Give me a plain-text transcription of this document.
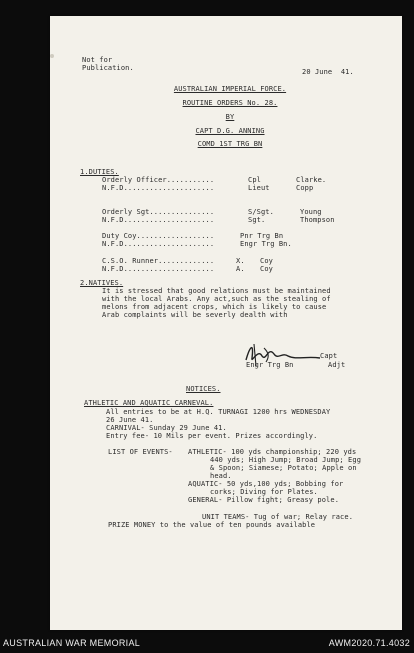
Not for
Publication.	20 June  41.
AUSTRALIAN IMPERIAL FORCE.
ROUTINE ORDERS No. 28.
BY
CAPT D.G. ANNING
COMD 1ST TRG BN
1.DUTIES.
Orderly Officer...........	Cpl	Clarke.
N.F.D.....................	Lieut	Copp
Orderly Sgt...............	S/Sgt.	Young
N.F.D.....................	Sgt.	Thompson
Duty Coy..................	Pnr Trg Bn
N.F.D.....................	Engr Trg Bn.
C.S.O. Runner.............	X. Coy
N.F.D.....................	A. Coy
2.NATIVES.
It is stressed that good relations must be maintained
with the local Arabs. Any act,such as the stealing of
melons from adjacent crops, which is likely to cause
Arab complaints will be severly dealth with
Capt
Engr Trg Bn	Adjt
NOTICES.
ATHLETIC AND AQUATIC CARNEVAL.
All entries to be at H.Q. TURNAGI 1200 hrs WEDNESDAY
26 June 41.
CARNIVAL- Sunday 29 June 41.
Entry fee- 10 Mils per event. Prizes accordingly.
LIST OF EVENTS- ATHLETIC- 100 yds championship; 220 yds
440 yds; High Jump; Broad Jump; Egg
& Spoon; Siamese; Potato; Apple on
head.
AQUATIC- 50 yds,100 yds; Bobbing for
corks; Diving for Plates.
GENERAL- Pillow fight; Greasy pole.
UNIT TEAMS- Tug of war; Relay race.
PRIZE MONEY to the value of ten pounds available
AUSTRALIAN WAR MEMORIAL	AWM2020.71.4032
